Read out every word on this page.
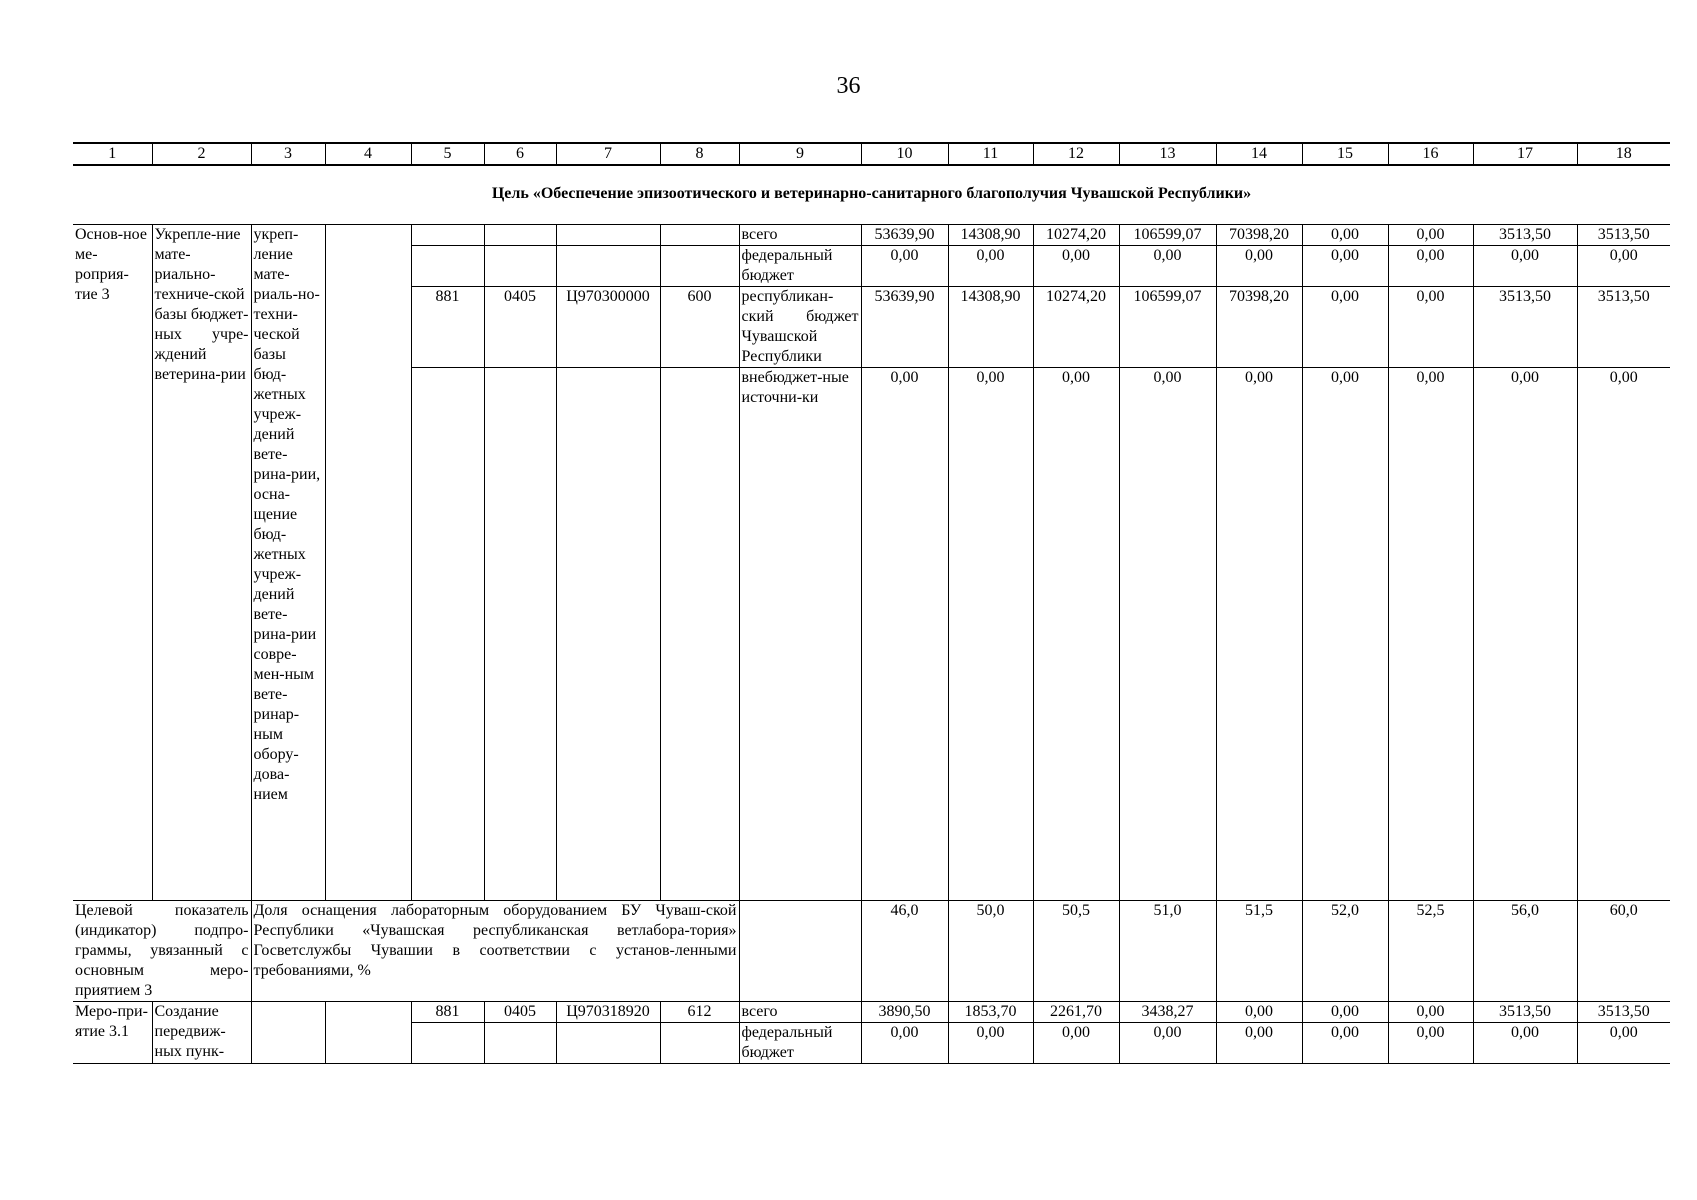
36
1	2	3	4	5	6	7	8	9	10	11	12	13	14	15	16	17	18
Цель «Обеспечение эпизоотического и ветеринарно-санитарного благополучия Чувашской Республики»																	
Основ-ное ме-роприя-тие 3	Укрепле-ние мате-риально-техниче-ской базы бюджет-ных учре-ждений ветерина-рии	укреп-ление мате-риаль-но-техни-ческой базы бюд-жетных учреж-дений вете-рина-рии, осна-щение бюд-жетных учреж-дений вете-рина-рии совре-мен-ным вете-ринар-ным обору-дова-нием						всего	53639,90	14308,90	10274,20	106599,07	70398,20	0,00	0,00	3513,50	3513,50
								федеральный бюджет	0,00	0,00	0,00	0,00	0,00	0,00	0,00	0,00	0,00
				881	0405	Ц970300000	600	республикан-ский бюджет Чувашской Республики	53639,90	14308,90	10274,20	106599,07	70398,20	0,00	0,00	3513,50	3513,50
								внебюджет-ные источни-ки	0,00	0,00	0,00	0,00	0,00	0,00	0,00	0,00	0,00
Целевой показатель (индикатор) подпро-граммы, увязанный с основным меро-приятием 3		Доля оснащения лабораторным оборудованием БУ Чуваш-ской Республики «Чувашская республиканская ветлабора-тория» Госветслужбы Чувашии в соответствии с установ-ленными требованиями, %							46,0	50,0	50,5	51,0	51,5	52,0	52,5	56,0	60,0
Меро-при-ятие 3.1	Создание передвиж-ных пунк-			881	0405	Ц970318920	612	всего	3890,50	1853,70	2261,70	3438,27	0,00	0,00	0,00	3513,50	3513,50
								федеральный бюджет	0,00	0,00	0,00	0,00	0,00	0,00	0,00	0,00	0,00
